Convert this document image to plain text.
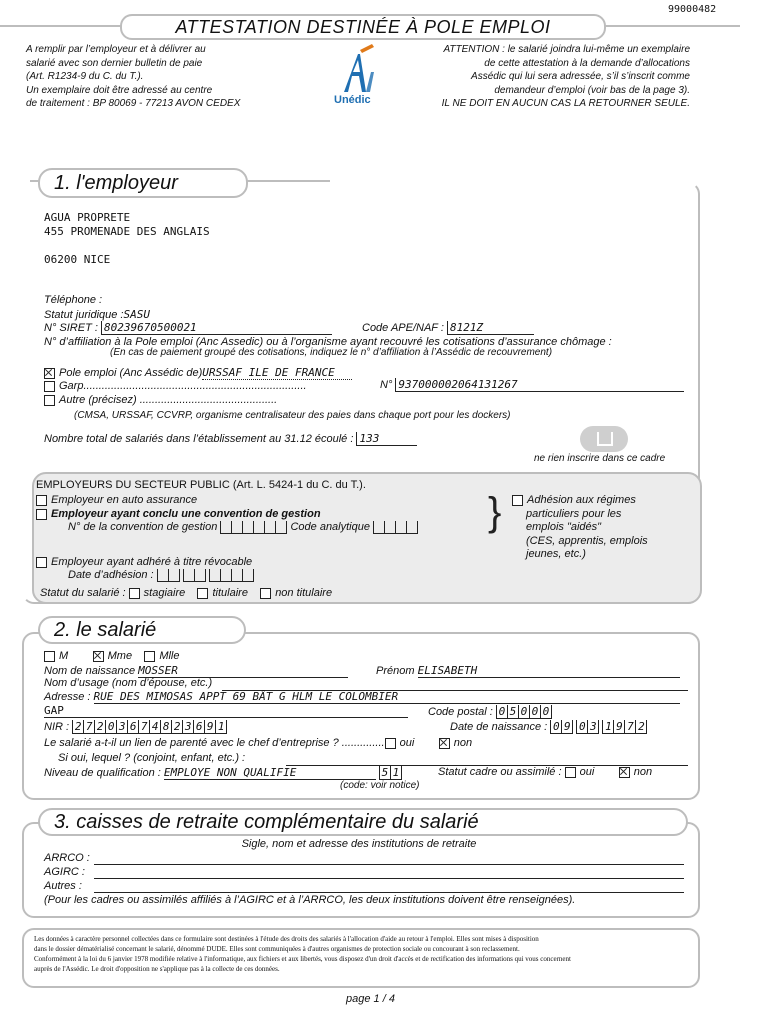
99000482
ATTESTATION DESTINÉE À POLE EMPLOI
A remplir par l’employeur et à délivrer au
salarié avec son dernier bulletin de paie
(Art. R1234-9 du C. du T.).
Un exemplaire doit être adressé au centre
de traitement : BP 80069 - 77213 AVON CEDEX
ATTENTION : le salarié joindra lui-même un exemplaire
de cette attestation à la demande d’allocations
Assédic qui lui sera adressée, s’il s’inscrit comme
demandeur d’emploi (voir bas de la page 3).
IL NE DOIT EN AUCUN CAS LA RETOURNER SEULE.
Unédic
1. l'employeur
AGUA PROPRETE
455 PROMENADE DES ANGLAIS
06200 NICE
Téléphone :
Statut juridique :SASU
N° SIRET : 80239670500021	Code APE/NAF : 8121Z
N° d’affiliation à la Pole emploi (Anc Assedic) ou à l’organisme ayant recouvré les cotisations d’assurance chômage :
(En cas de paiement groupé des cotisations, indiquez le n° d’affiliation à l’Assédic de recouvrement)
Pole emploi (Anc Assédic de)URSSAF ILE DE FRANCE
Garp.........................................................................
Autre (précisez) .............................................
N° 937000002064131267
(CMSA, URSSAF, CCVRP, organisme centralisateur des paies dans chaque port pour les dockers)
Nombre total de salariés dans l’établissement au 31.12 écoulé : 133
ne rien inscrire dans ce cadre
EMPLOYEURS DU SECTEUR PUBLIC (Art. L. 5424-1 du C. du T.).
Employeur en auto assurance
Employeur ayant conclu une convention de gestion
N° de la convention de gestion	Code analytique	}	Adhésion aux régimes
particuliers pour les
emplois "aidés"
(CES, apprentis, emplois
jeunes, etc.)
Employeur ayant adhéré à titre révocable
Date d’adhésion :
Statut du salarié : stagiaire titulaire non titulaire
2. le salarié
M	Mme Mlle
Nom de naissance MOSSER	Prénom ELISABETH
Nom d’usage (nom d’épouse, etc.)
Adresse : RUE DES MIMOSAS APPT 69 BÂT G HLM LE COLOMBIER
GAP	Code postal : 0 5 0 0 0
NIR : 2 7 2 0 3 6 7 4 8 2 3 6 9 1	Date de naissance : 0 9 0 3 1 9 7 2
Le salarié a-t-il un lien de parenté avec le chef d’entreprise ? .............. oui	non
Si oui, lequel ? (conjoint, enfant, etc.) :
Niveau de qualification : EMPLOYE NON QUALIFIE	5 1	Statut cadre ou assimilé : oui	non
(code: voir notice)
3. caisses de retraite complémentaire du salarié
Sigle, nom et adresse des institutions de retraite
ARRCO :
AGIRC :
Autres :
(Pour les cadres ou assimilés affiliés à l’AGIRC et à l’ARRCO, les deux institutions doivent être renseignées).
Les données à caractère personnel collectées dans ce formulaire sont destinées à l'étude des droits des salariés à l'allocation d'aide au retour à l'emploi. Elles sont mises à disposition
dans le dossier dématérialisé concernant le salarié, dénommé DUDE. Elles sont communiquées à d'autres organismes de protection sociale ou concourant à son reclassement.
Conformément à la loi du 6 janvier 1978 modifiée relative à l'informatique, aux fichiers et aux libertés, vous disposez d'un droit d'accès et de rectification des informations qui vous concernent
auprès de l'Assédic. Le droit d'opposition ne s'applique pas à la collecte de ces données.
page 1 / 4
